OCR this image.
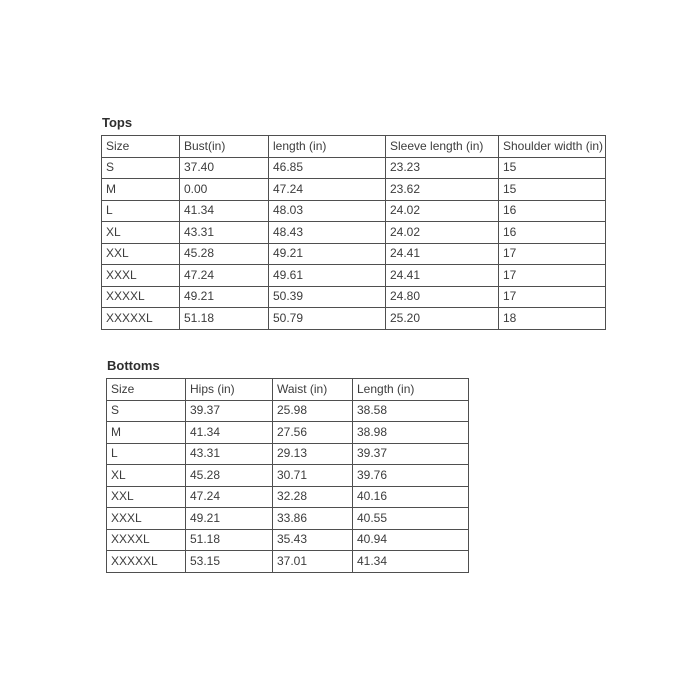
Tops
Size	Bust(in)	length (in)	Sleeve length (in)	Shoulder width (in)
S	37.40	46.85	23.23	15
M	0.00	47.24	23.62	15
L	41.34	48.03	24.02	16
XL	43.31	48.43	24.02	16
XXL	45.28	49.21	24.41	17
XXXL	47.24	49.61	24.41	17
XXXXL	49.21	50.39	24.80	17
XXXXXL	51.18	50.79	25.20	18
Bottoms
Size	Hips (in)	Waist (in)	Length (in)
S	39.37	25.98	38.58
M	41.34	27.56	38.98
L	43.31	29.13	39.37
XL	45.28	30.71	39.76
XXL	47.24	32.28	40.16
XXXL	49.21	33.86	40.55
XXXXL	51.18	35.43	40.94
XXXXXL	53.15	37.01	41.34
